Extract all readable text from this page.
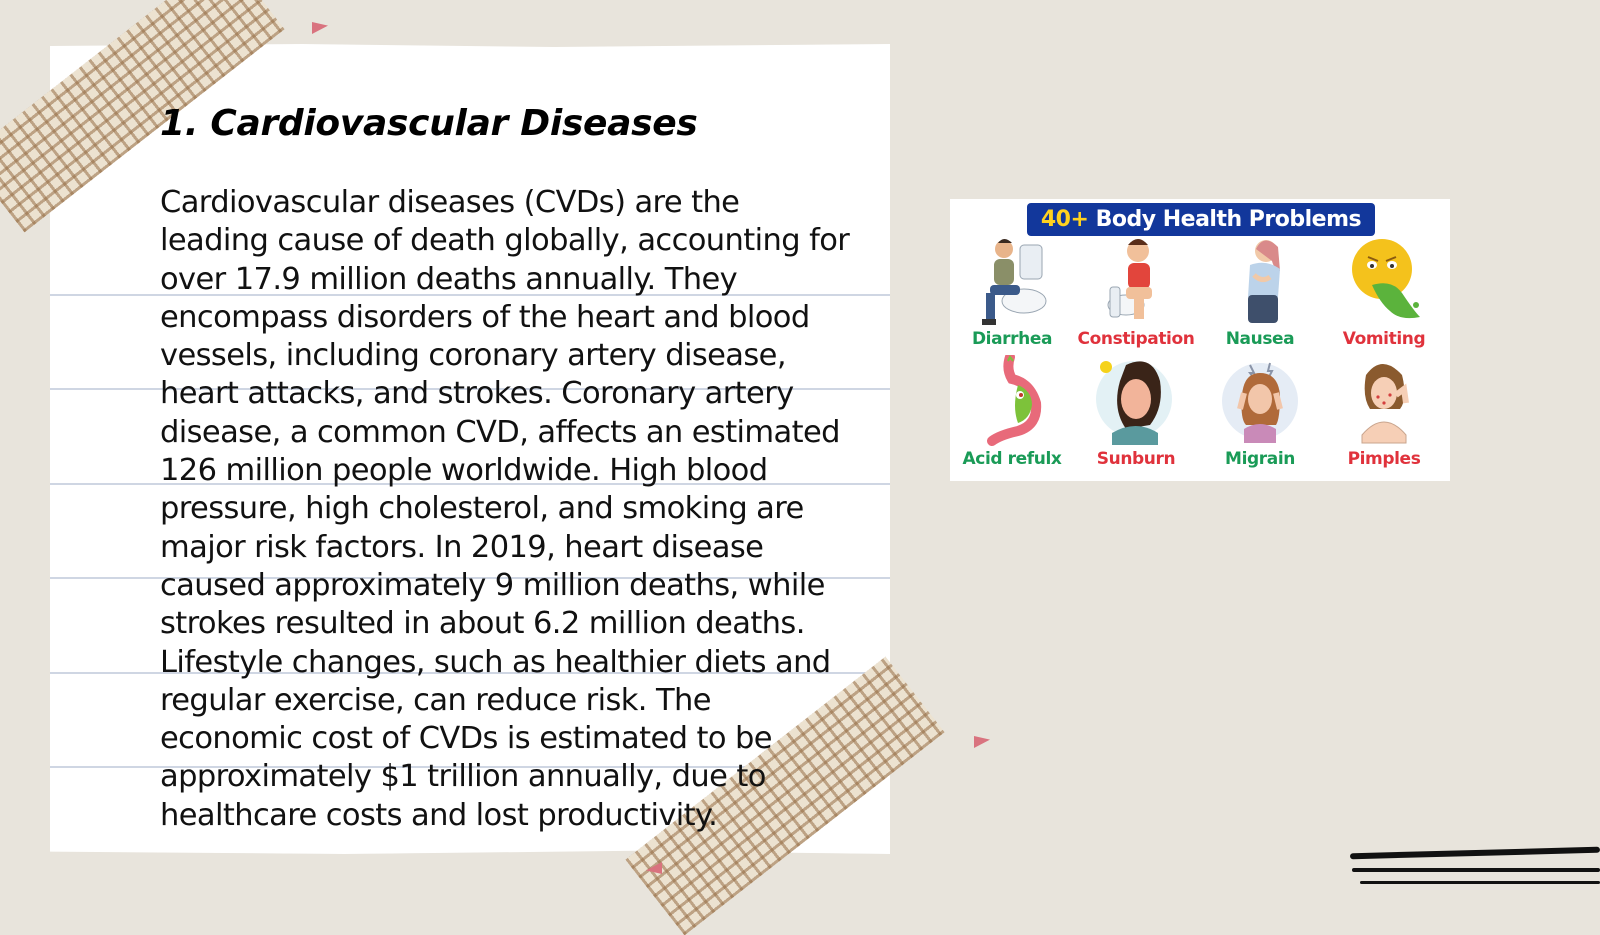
1. Cardiovascular Diseases

Cardiovascular diseases (CVDs) are the leading cause of death globally, accounting for over 17.9 million deaths annually. They encompass disorders of the heart and blood vessels, including coronary artery disease, heart attacks, and strokes. Coronary artery disease, a common CVD, affects an estimated 126 million people worldwide. High blood pressure, high cholesterol, and smoking are major risk factors. In 2019, heart disease caused approximately 9 million deaths, while strokes resulted in about 6.2 million deaths. Lifestyle changes, such as healthier diets and regular exercise, can reduce risk. The economic cost of CVDs is estimated to be approximately $1 trillion annually, due to healthcare costs and lost productivity.

40+ Body Health Problems
Diarrhea	Constipation	Nausea	Vomiting
Acid refulx	Sunburn	Migrain	Pimples
